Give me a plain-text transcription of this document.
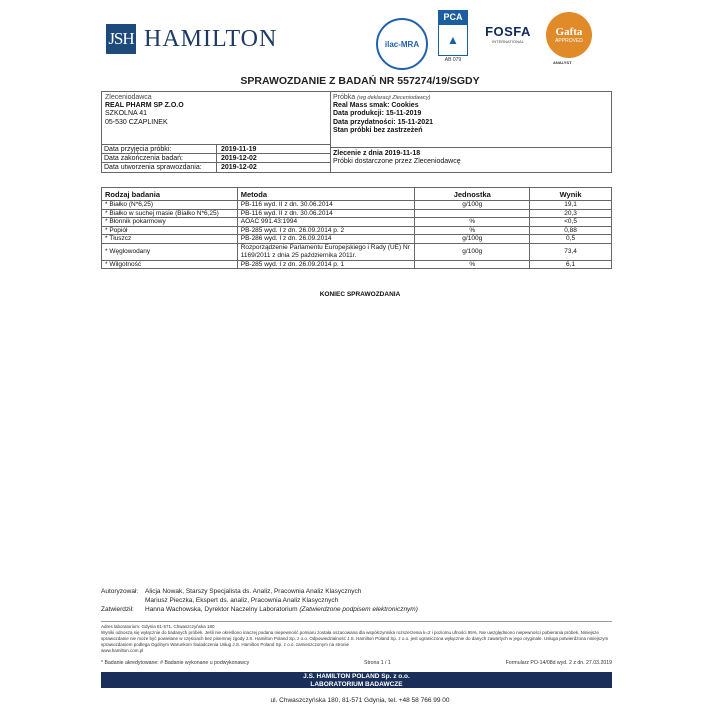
JSH HAMILTON	ilac-MRA
PCA
▲
AB 079
FOSFA
INTERNATIONAL
Gafta
APPROVED
ANALYST
SPRAWOZDANIE Z BADAŃ NR 557274/19/SGDY
Zleceniodawca
REAL PHARM SP Z.O.O
SZKOLNA 41
05-530 CZAPLINEK
Data przyjęcia próbki:	2019-11-19
Data zakończenia badań:	2019-12-02
Data utworzenia sprawozdania:	2019-12-02
Próbka (wg deklaracji Zleceniodawcy)
Real Mass smak: Cookies
Data produkcji: 15-11-2019
Data przydatności: 15-11-2021
Stan próbki bez zastrzeżeń
Zlecenie z dnia 2019-11-18
Próbki dostarczone przez Zleceniodawcę
Rodzaj badania	Metoda	Jednostka	Wynik
* Białko (N*6,25)	PB-116 wyd. II z dn. 30.06.2014	g/100g	19,1
* Białko w suchej masie (Białko N*6,25)	PB-116 wyd. II z dn. 30.06.2014		20,3
* Błonnik pokarmowy	AOAC 991.43:1994	%	<0,5
* Popiół	PB-285 wyd. I z dn. 26.09.2014 p. 2	%	0,88
* Tłuszcz	PB-286 wyd. I z dn. 26.09.2014	g/100g	0,5
* Węglowodany	Rozporządzenie Parlamentu Europejskiego i Rady (UE) Nr 1169/2011 z dnia 25 października 2011r.	g/100g	73,4
* Wilgotność	PB-285 wyd. I z dn. 26.09.2014 p. 1	%	6,1
KONIEC SPRAWOZDANIA
Autoryzował:	Alicja Nowak, Starszy Specjalista ds. Analiz, Pracownia Analiz Klasycznych
Mariusz Pieczka, Ekspert ds. analiz, Pracownia Analiz Klasycznych
Zatwierdził:	Hanna Wachowska, Dyrektor Naczelny Laboratorium
(Zatwierdzone podpisem elektronicznym)
Adres laboratorium: Gdynia 81-571, Chwaszczyńska 180
Wyniki odnoszą się wyłącznie do badanych próbek. Jeśli nie określono inaczej podana niepewność pomiaru została oszacowana dla współczynnika rozszerzenia k=2 i poziomu ufności 95%. Nie uwzględniono niepewności pobierania próbek. Niniejsze sprawozdanie nie może być powielane w częściach bez pisemnej zgody J.S. Hamilton Poland Sp. z o.o. Odpowiedzialność J.S. Hamilton Poland Sp. z o.o. jest ograniczona wyłącznie do danych zawartych w jego oryginale. Usługa potwierdzona niniejszym sprawozdaniem podlega Ogólnym Warunkom Świadczenia Usług J.S. Hamilton Poland Sp. z o.o. zamieszczonym na stronie
www.hamilton.com.pl
* Badanie akredytowane: # Badanie wykonane u podwykonawcy	Strona 1 / 1	Formularz PO-14/08d wyd. 2 z dn. 27.03.2019
J.S. HAMILTON POLAND Sp. z o.o.
LABORATORIUM BADAWCZE
ul. Chwaszczyńska 180, 81-571 Gdynia, tel. +48 58 766 99 00
